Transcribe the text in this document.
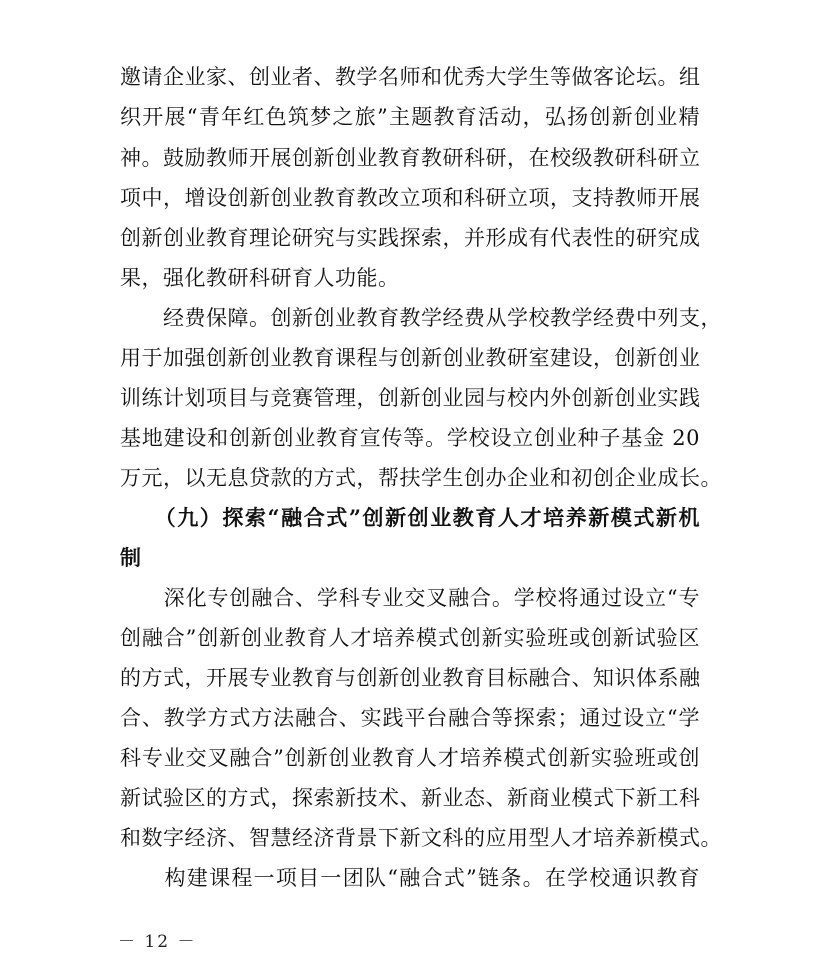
邀请企业家、创业者、教学名师和优秀大学生等做客论坛。组
织开展“青年红色筑梦之旅”主题教育活动，弘扬创新创业精
神。鼓励教师开展创新创业教育教研科研，在校级教研科研立
项中，增设创新创业教育教改立项和科研立项，支持教师开展
创新创业教育理论研究与实践探索，并形成有代表性的研究成
果，强化教研科研育人功能。
　　经费保障。创新创业教育教学经费从学校教学经费中列支，
用于加强创新创业教育课程与创新创业教研室建设，创新创业
训练计划项目与竞赛管理，创新创业园与校内外创新创业实践
基地建设和创新创业教育宣传等。学校设立创业种子基金 20
万元，以无息贷款的方式，帮扶学生创办企业和初创企业成长。
　　（九）探索“融合式”创新创业教育人才培养新模式新机
制
　　深化专创融合、学科专业交叉融合。学校将通过设立“专
创融合”创新创业教育人才培养模式创新实验班或创新试验区
的方式，开展专业教育与创新创业教育目标融合、知识体系融
合、教学方式方法融合、实践平台融合等探索；通过设立“学
科专业交叉融合”创新创业教育人才培养模式创新实验班或创
新试验区的方式，探索新技术、新业态、新商业模式下新工科
和数字经济、智慧经济背景下新文科的应用型人才培养新模式。
　　构建课程一项目一团队“融合式”链条。在学校通识教育
－ 12 －
